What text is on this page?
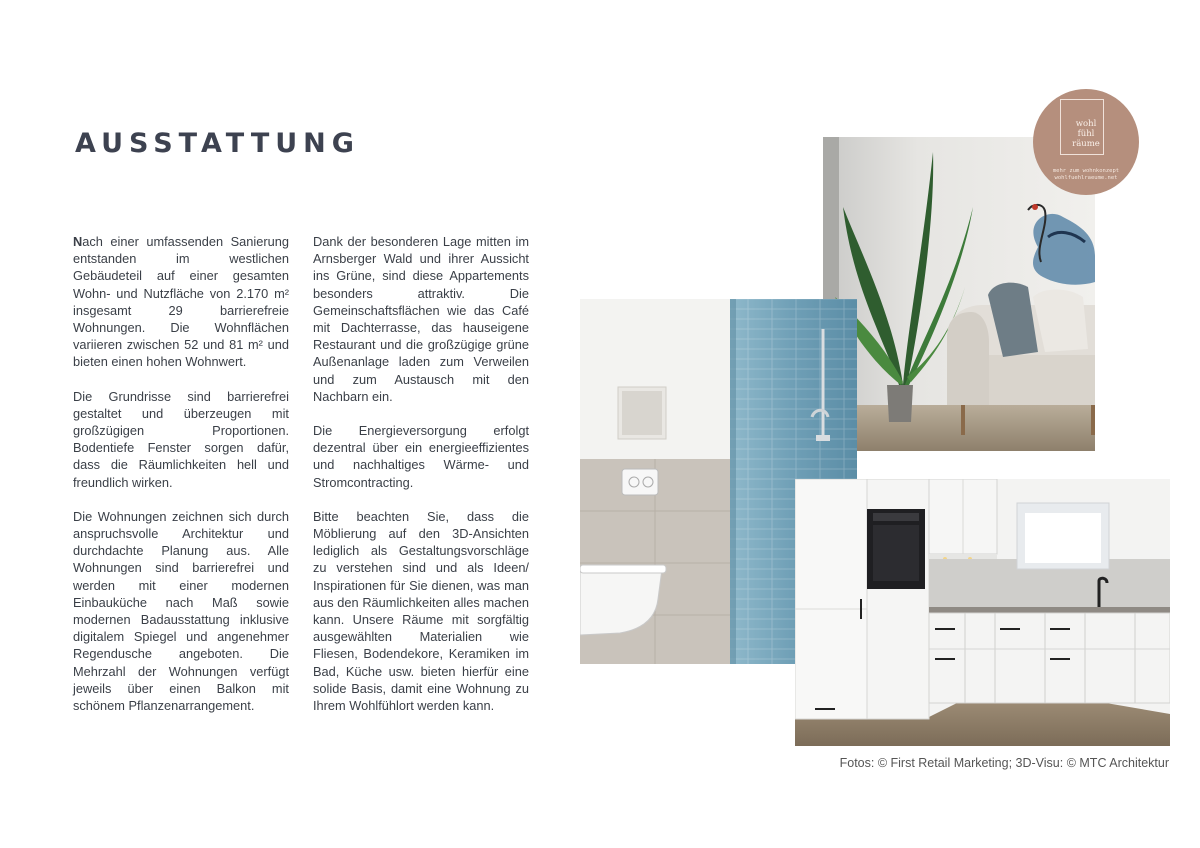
AUSSTATTUNG

Nach einer umfassenden Sanierung entstanden im westlichen Gebäudeteil auf einer gesamten Wohn- und Nutzfläche von 2.170 m² insgesamt 29 barrierefreie Wohnungen. Die Wohnflächen variieren zwischen 52 und 81 m² und bieten einen hohen Wohnwert.

Die Grundrisse sind barrierefrei gestaltet und überzeugen mit großzügigen Proportionen. Bodentiefe Fenster sorgen dafür, dass die Räumlichkeiten hell und freundlich wirken.

Die Wohnungen zeichnen sich durch anspruchsvolle Architektur und durchdachte Planung aus. Alle Wohnungen sind barrierefrei und werden mit einer modernen Einbauküche nach Maß sowie modernen Badausstattung inklusive digitalem Spiegel und angenehmer Regendusche angeboten. Die Mehrzahl der Wohnungen verfügt jeweils über einen Balkon mit schönem Pflanzenarrangement.

Dank der besonderen Lage mitten im Arnsberger Wald und ihrer Aussicht ins Grüne, sind diese Appartements besonders attraktiv. Die Gemeinschaftsflächen wie das Café mit Dachterrasse, das hauseigene Restaurant und die großzügige grüne Außenanlage laden zum Verweilen und zum Austausch mit den Nachbarn ein.

Die Energieversorgung erfolgt dezentral über ein energieeffizientes und nachhaltiges Wärme- und Stromcontracting.

Bitte beachten Sie, dass die Möblierung auf den 3D-Ansichten lediglich als Gestaltungsvorschläge zu verstehen sind und als Ideen/ Inspirationen für Sie dienen, was man aus den Räumlichkeiten alles machen kann. Unsere Räume mit sorgfältig ausgewählten Materialien wie Fliesen, Bodendekore, Keramiken im Bad, Küche usw. bieten hierfür eine solide Basis, damit eine Wohnung zu Ihrem Wohlfühlort werden kann.

wohl
fühl
räume
mehr zum wohnkonzept
wohlfuehlraeume.net
Fotos: © First Retail Marketing; 3D-Visu: © MTC Architektur
